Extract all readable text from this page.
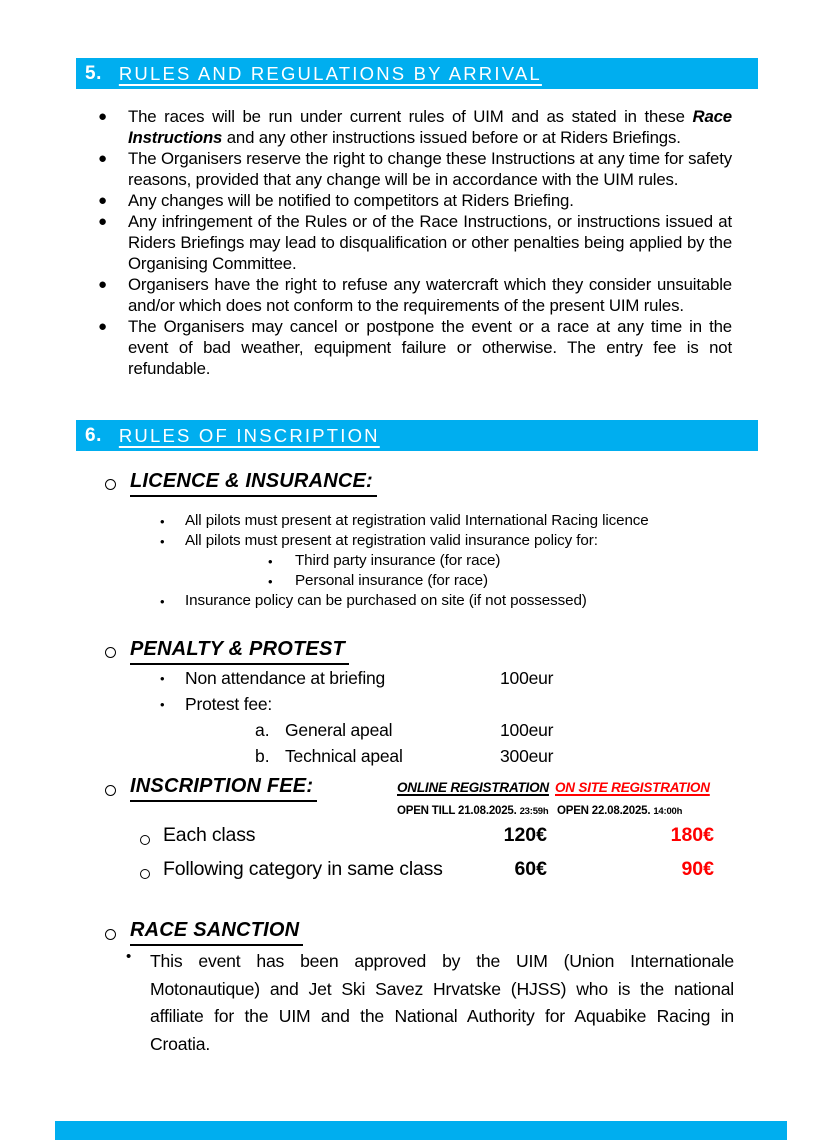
5. RULES AND REGULATIONS BY ARRIVAL
● The races will be run under current rules of UIM and as stated in these Race Instructions and any other instructions issued before or at Riders Briefings.
● The Organisers reserve the right to change these Instructions at any time for safety reasons, provided that any change will be in accordance with the UIM rules.
● Any changes will be notified to competitors at Riders Briefing.
● Any infringement of the Rules or of the Race Instructions, or instructions issued at Riders Briefings may lead to disqualification or other penalties being applied by the Organising Committee.
● Organisers have the right to refuse any watercraft which they consider unsuitable and/or which does not conform to the requirements of the present UIM rules.
● The Organisers may cancel or postpone the event or a race at any time in the event of bad weather, equipment failure or otherwise. The entry fee is not refundable.
6. RULES OF INSCRIPTION
LICENCE & INSURANCE:
• All pilots must present at registration valid International Racing licence
• All pilots must present at registration valid insurance policy for:
• Third party insurance (for race)
• Personal insurance (for race)
• Insurance policy can be purchased on site (if not possessed)
PENALTY & PROTEST
• Non attendance at briefing	100eur
• Protest fee:
a. General apeal	100eur
b. Technical apeal	300eur
INSCRIPTION FEE:	ONLINE REGISTRATION ON SITE REGISTRATION
OPEN TILL 21.08.2025. 23:59h OPEN 22.08.2025. 14:00h
Each class	120€	180€
Following category in same class	60€	90€
RACE SANCTION
• This event has been approved by the UIM (Union Internationale Motonautique) and Jet Ski Savez Hrvatske (HJSS) who is the national affiliate for the UIM and the National Authority for Aquabike Racing in Croatia.
